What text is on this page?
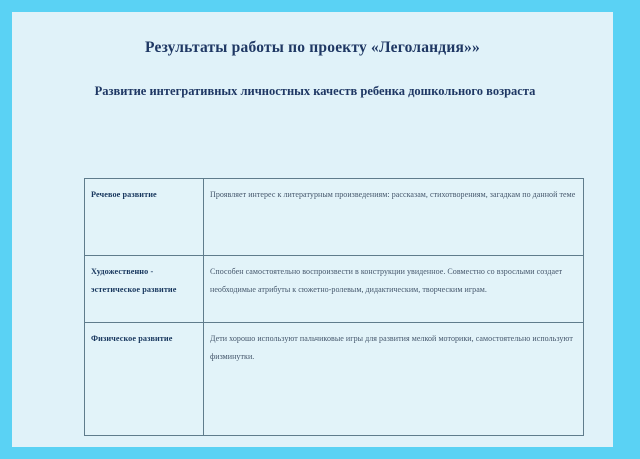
Результаты работы по проекту «Леголандия»»

Развитие интегративных личностных качеств ребенка дошкольного возраста

Речевое развитие	Проявляет интерес к литературным произведениям: рассказам, стихотворениям, загадкам по данной теме
Художественно - эстетическое развитие	Способен самостоятельно воспроизвести в конструкции увиденное. Совместно со взрослыми создает необходимые атрибуты к сюжетно-ролевым, дидактическим, творческим играм.
Физическое развитие	Дети хорошо используют пальчиковые игры для развития мелкой моторики, самостоятельно используют физминутки.
